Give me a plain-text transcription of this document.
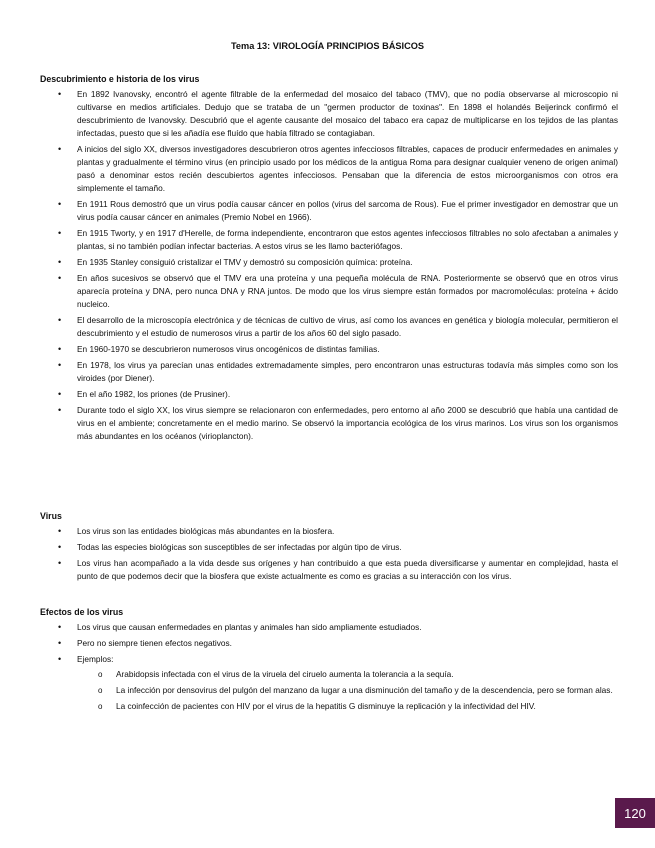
Tema 13: VIROLOGÍA PRINCIPIOS BÁSICOS
Descubrimiento e historia de los virus
• En 1892 Ivanovsky, encontró el agente filtrable de la enfermedad del mosaico del tabaco (TMV), que no podía observarse al microscopio ni cultivarse en medios artificiales. Dedujo que se trataba de un "germen productor de toxinas". En 1898 el holandés Beijerinck confirmó el descubrimiento de Ivanovsky. Descubrió que el agente causante del mosaico del tabaco era capaz de multiplicarse en los tejidos de las plantas infectadas, puesto que si les añadía ese fluído que había filtrado se contagiaban.
• A inicios del siglo XX, diversos investigadores descubrieron otros agentes infecciosos filtrables, capaces de producir enfermedades en animales y plantas y gradualmente el término virus (en principio usado por los médicos de la antigua Roma para designar cualquier veneno de origen animal) pasó a denominar estos recién descubiertos agentes infecciosos. Pensaban que la diferencia de estos microorganismos con otros era simplemente el tamaño.
• En 1911 Rous demostró que un virus podía causar cáncer en pollos (virus del sarcoma de Rous). Fue el primer investigador en demostrar que un virus podía causar cáncer en animales (Premio Nobel en 1966).
• En 1915 Tworty, y en 1917 d'Herelle, de forma independiente, encontraron que estos agentes infecciosos filtrables no solo afectaban a animales y plantas, si no también podían infectar bacterias. A estos virus se les llamo bacteriófagos.
• En 1935 Stanley consiguió cristalizar el TMV y demostró su composición química: proteína.
• En años sucesivos se observó que el TMV era una proteína y una pequeña molécula de RNA. Posteriormente se observó que en otros virus aparecía proteína y DNA, pero nunca DNA y RNA juntos. De modo que los virus siempre están formados por macromoléculas: proteína + ácido nucleico.
• El desarrollo de la microscopía electrónica y de técnicas de cultivo de virus, así como los avances en genética y biología molecular, permitieron el descubrimiento y el estudio de numerosos virus a partir de los años 60 del siglo pasado.
• En 1960-1970 se descubrieron numerosos virus oncogénicos de distintas familias.
• En 1978, los virus ya parecían unas entidades extremadamente simples, pero encontraron unas estructuras todavía más simples como son los viroides (por Diener).
• En el año 1982, los priones (de Prusiner).
• Durante todo el siglo XX, los virus siempre se relacionaron con enfermedades, pero entorno al año 2000 se descubrió que había una cantidad de virus en el ambiente; concretamente en el medio marino. Se observó la importancia ecológica de los virus marinos. Los virus son los organismos más abundantes en los océanos (virioplancton).
Virus
• Los virus son las entidades biológicas más abundantes en la biosfera.
• Todas las especies biológicas son susceptibles de ser infectadas por algún tipo de virus.
• Los virus han acompañado a la vida desde sus orígenes y han contribuido a que esta pueda diversificarse y aumentar en complejidad, hasta el punto de que podemos decir que la biosfera que existe actualmente es como es gracias a su interacción con los virus.
Efectos de los virus
• Los virus que causan enfermedades en plantas y animales han sido ampliamente estudiados.
• Pero no siempre tienen efectos negativos.
• Ejemplos:
o Arabidopsis infectada con el virus de la viruela del ciruelo aumenta la tolerancia a la sequía.
o La infección por densovirus del pulgón del manzano da lugar a una disminución del tamaño y de la descendencia, pero se forman alas.
o La coinfección de pacientes con HIV por el virus de la hepatitis G disminuye la replicación y la infectividad del HIV.
120
